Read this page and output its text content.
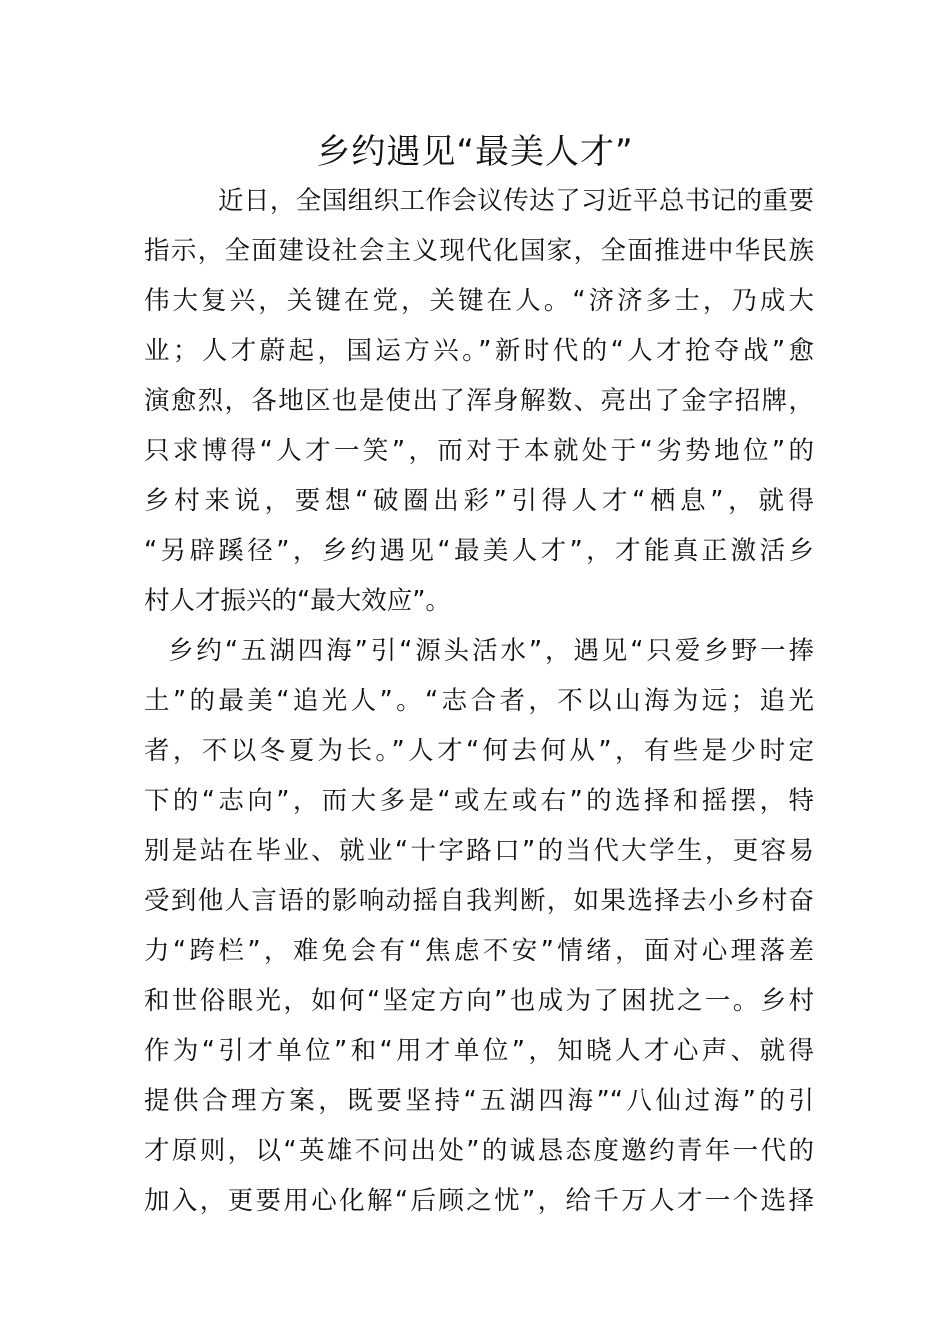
乡约遇见“最美人才”
近日，全国组织工作会议传达了习近平总书记的重要
指示，全面建设社会主义现代化国家，全面推进中华民族
伟大复兴，关键在党，关键在人。“济济多士，乃成大
业；人才蔚起，国运方兴。”新时代的“人才抢夺战”愈
演愈烈，各地区也是使出了浑身解数、亮出了金字招牌，
只求博得“人才一笑”，而对于本就处于“劣势地位”的
乡村来说，要想“破圈出彩”引得人才“栖息”，就得
“另辟蹊径”，乡约遇见“最美人才”，才能真正激活乡
村人才振兴的“最大效应”。
乡约“五湖四海”引“源头活水”，遇见“只爱乡野一捧
土”的最美“追光人”。“志合者，不以山海为远；追光
者，不以冬夏为长。”人才“何去何从”，有些是少时定
下的“志向”，而大多是“或左或右”的选择和摇摆，特
别是站在毕业、就业“十字路口”的当代大学生，更容易
受到他人言语的影响动摇自我判断，如果选择去小乡村奋
力“跨栏”，难免会有“焦虑不安”情绪，面对心理落差
和世俗眼光，如何“坚定方向”也成为了困扰之一。乡村
作为“引才单位”和“用才单位”，知晓人才心声、就得
提供合理方案，既要坚持“五湖四海”“八仙过海”的引
才原则，以“英雄不问出处”的诚恳态度邀约青年一代的
加入，更要用心化解“后顾之忧”，给千万人才一个选择
